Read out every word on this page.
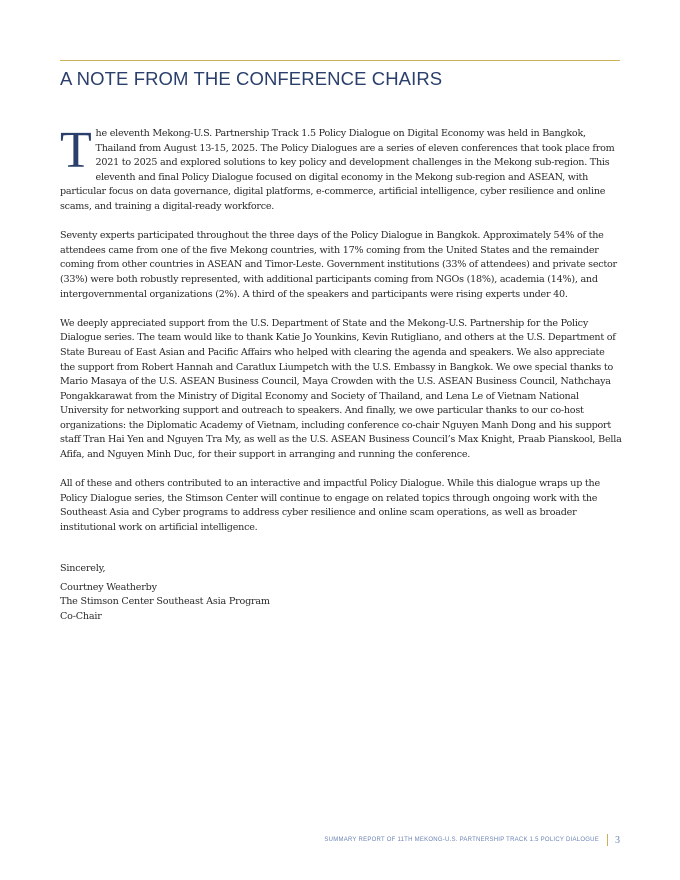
A NOTE FROM THE CONFERENCE CHAIRS

The eleventh Mekong-U.S. Partnership Track 1.5 Policy Dialogue on Digital Economy was held in Bangkok, Thailand from August 13-15, 2025. The Policy Dialogues are a series of eleven conferences that took place from 2021 to 2025 and explored solutions to key policy and development challenges in the Mekong sub-region. This eleventh and final Policy Dialogue focused on digital economy in the Mekong sub-region and ASEAN, with particular focus on data governance, digital platforms, e-commerce, artificial intelligence, cyber resilience and online scams, and training a digital-ready workforce.

Seventy experts participated throughout the three days of the Policy Dialogue in Bangkok. Approximately 54% of the attendees came from one of the five Mekong countries, with 17% coming from the United States and the remainder coming from other countries in ASEAN and Timor-Leste. Government institutions (33% of attendees) and private sector (33%) were both robustly represented, with additional participants coming from NGOs (18%), academia (14%), and intergovernmental organizations (2%). A third of the speakers and participants were rising experts under 40.

We deeply appreciated support from the U.S. Department of State and the Mekong-U.S. Partnership for the Policy Dialogue series. The team would like to thank Katie Jo Younkins, Kevin Rutigliano, and others at the U.S. Department of State Bureau of East Asian and Pacific Affairs who helped with clearing the agenda and speakers. We also appreciate the support from Robert Hannah and Caratlux Liumpetch with the U.S. Embassy in Bangkok. We owe special thanks to Mario Masaya of the U.S. ASEAN Business Council, Maya Crowden with the U.S. ASEAN Business Council, Nathchaya Pongakkarawat from the Ministry of Digital Economy and Society of Thailand, and Lena Le of Vietnam National University for networking support and outreach to speakers. And finally, we owe particular thanks to our co-host organizations: the Diplomatic Academy of Vietnam, including conference co-chair Nguyen Manh Dong and his support staff Tran Hai Yen and Nguyen Tra My, as well as the U.S. ASEAN Business Council’s Max Knight, Praab Pianskool, Bella Afifa, and Nguyen Minh Duc, for their support in arranging and running the conference.

All of these and others contributed to an interactive and impactful Policy Dialogue. While this dialogue wraps up the Policy Dialogue series, the Stimson Center will continue to engage on related topics through ongoing work with the Southeast Asia and Cyber programs to address cyber resilience and online scam operations, as well as broader institutional work on artificial intelligence.

Sincerely,
Courtney Weatherby
The Stimson Center Southeast Asia Program
Co-Chair
SUMMARY REPORT OF 11TH MEKONG-U.S. PARTNERSHIP TRACK 1.5 POLICY DIALOGUE 3
